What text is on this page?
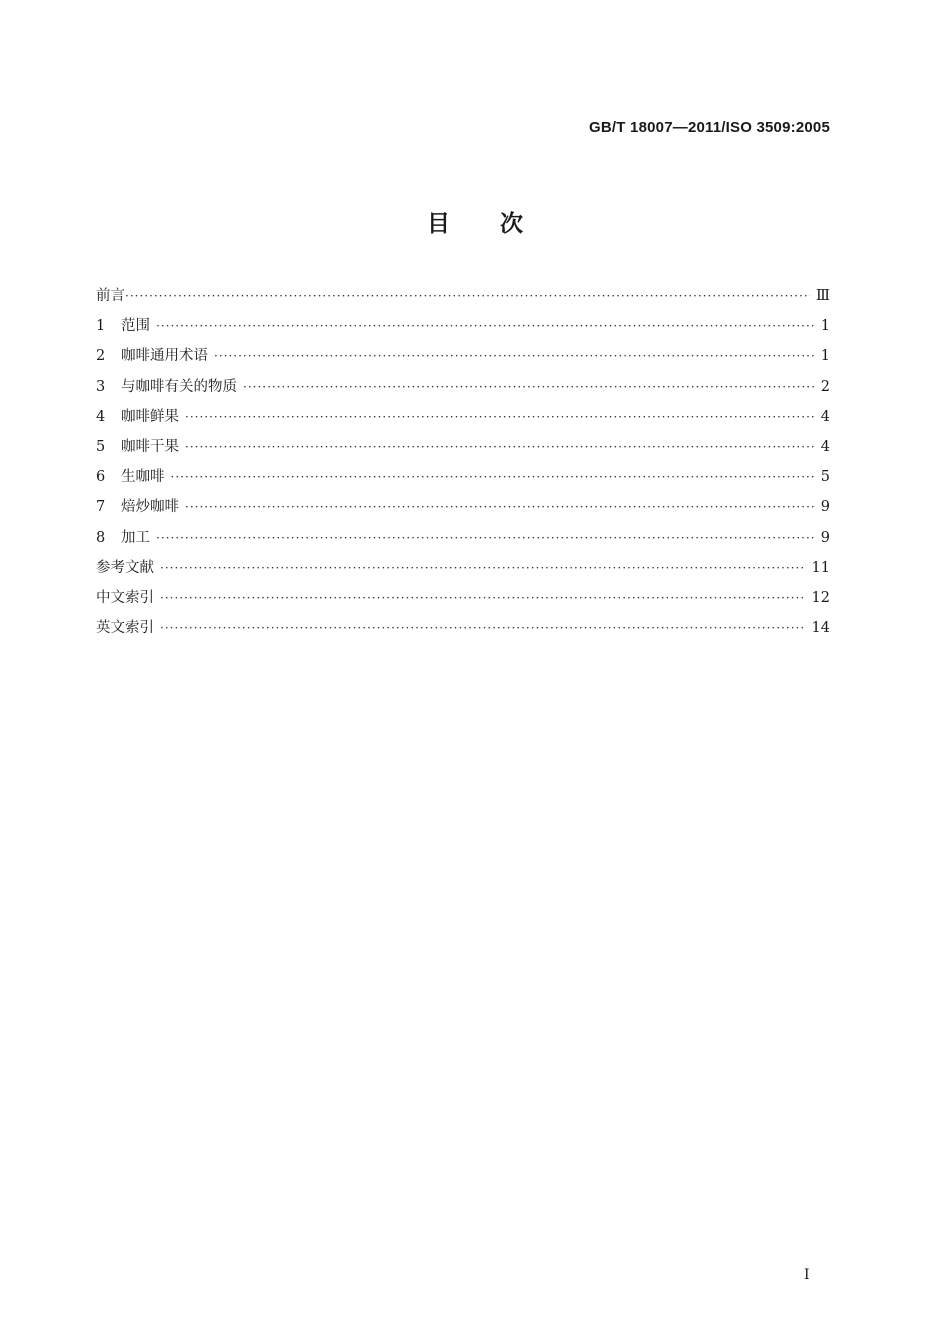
GB/T 18007—2011/ISO 3509:2005
目 次
前言 ·····	Ⅲ
1	范围 ·····	1
2	咖啡通用术语 ·····	1
3	与咖啡有关的物质 ·····	2
4	咖啡鲜果 ·····	4
5	咖啡干果 ·····	4
6	生咖啡 ·····	5
7	焙炒咖啡 ·····	9
8	加工 ·····	9
参考文献 ·····	11
中文索引 ·····	12
英文索引 ·····	14
I
